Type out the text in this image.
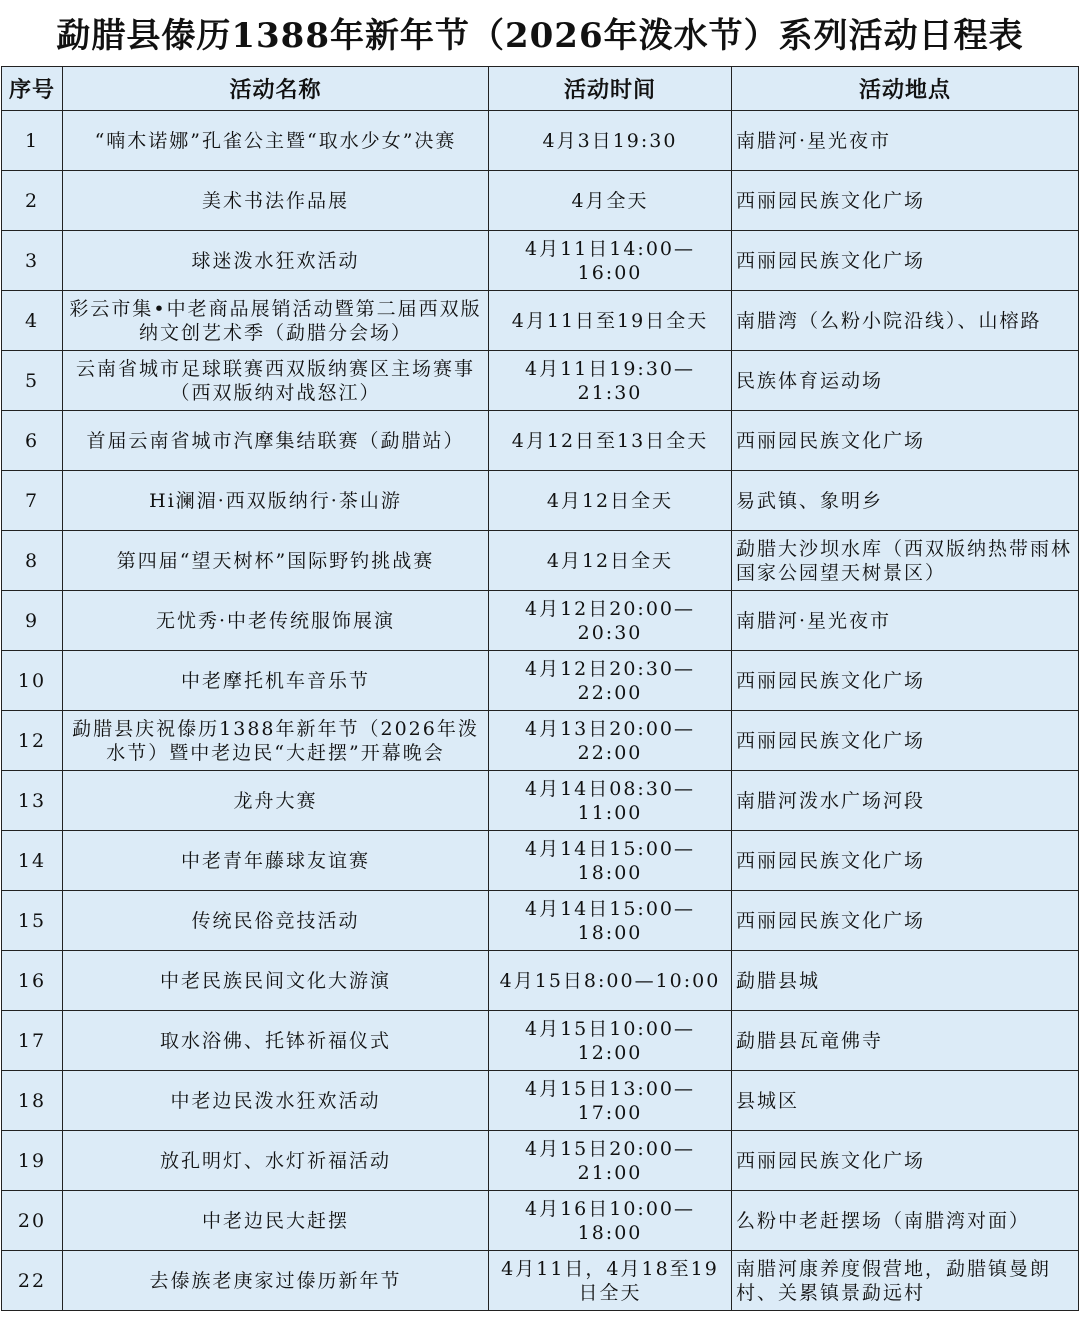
勐腊县傣历1388年新年节（2026年泼水节）系列活动日程表
序号	活动名称	活动时间	活动地点
1	“喃木诺娜”孔雀公主暨“取水少女”决赛	4月3日19:30	南腊河·星光夜市
2	美术书法作品展	4月全天	西丽园民族文化广场
3	球迷泼水狂欢活动	4月11日14:00—16:00	西丽园民族文化广场
4	彩云市集•中老商品展销活动暨第二届西双版纳文创艺术季（勐腊分会场）	4月11日至19日全天	南腊湾（么粉小院沿线）、山榕路
5	云南省城市足球联赛西双版纳赛区主场赛事（西双版纳对战怒江）	4月11日19:30—21:30	民族体育运动场
6	首届云南省城市汽摩集结联赛（勐腊站）	4月12日至13日全天	西丽园民族文化广场
7	Hi澜湄·西双版纳行·茶山游	4月12日全天	易武镇、象明乡
8	第四届“望天树杯”国际野钓挑战赛	4月12日全天	勐腊大沙坝水库（西双版纳热带雨林国家公园望天树景区）
9	无忧秀·中老传统服饰展演	4月12日20:00—20:30	南腊河·星光夜市
10	中老摩托机车音乐节	4月12日20:30—22:00	西丽园民族文化广场
12	勐腊县庆祝傣历1388年新年节（2026年泼水节）暨中老边民“大赶摆”开幕晚会	4月13日20:00—22:00	西丽园民族文化广场
13	龙舟大赛	4月14日08:30—11:00	南腊河泼水广场河段
14	中老青年藤球友谊赛	4月14日15:00—18:00	西丽园民族文化广场
15	传统民俗竞技活动	4月14日15:00—18:00	西丽园民族文化广场
16	中老民族民间文化大游演	4月15日8:00—10:00	勐腊县城
17	取水浴佛、托钵祈福仪式	4月15日10:00—12:00	勐腊县瓦竜佛寺
18	中老边民泼水狂欢活动	4月15日13:00—17:00	县城区
19	放孔明灯、水灯祈福活动	4月15日20:00—21:00	西丽园民族文化广场
20	中老边民大赶摆	4月16日10:00—18:00	么粉中老赶摆场（南腊湾对面）
22	去傣族老庚家过傣历新年节	4月11日，4月18至19日全天	南腊河康养度假营地，勐腊镇曼朗村、关累镇景勐远村
